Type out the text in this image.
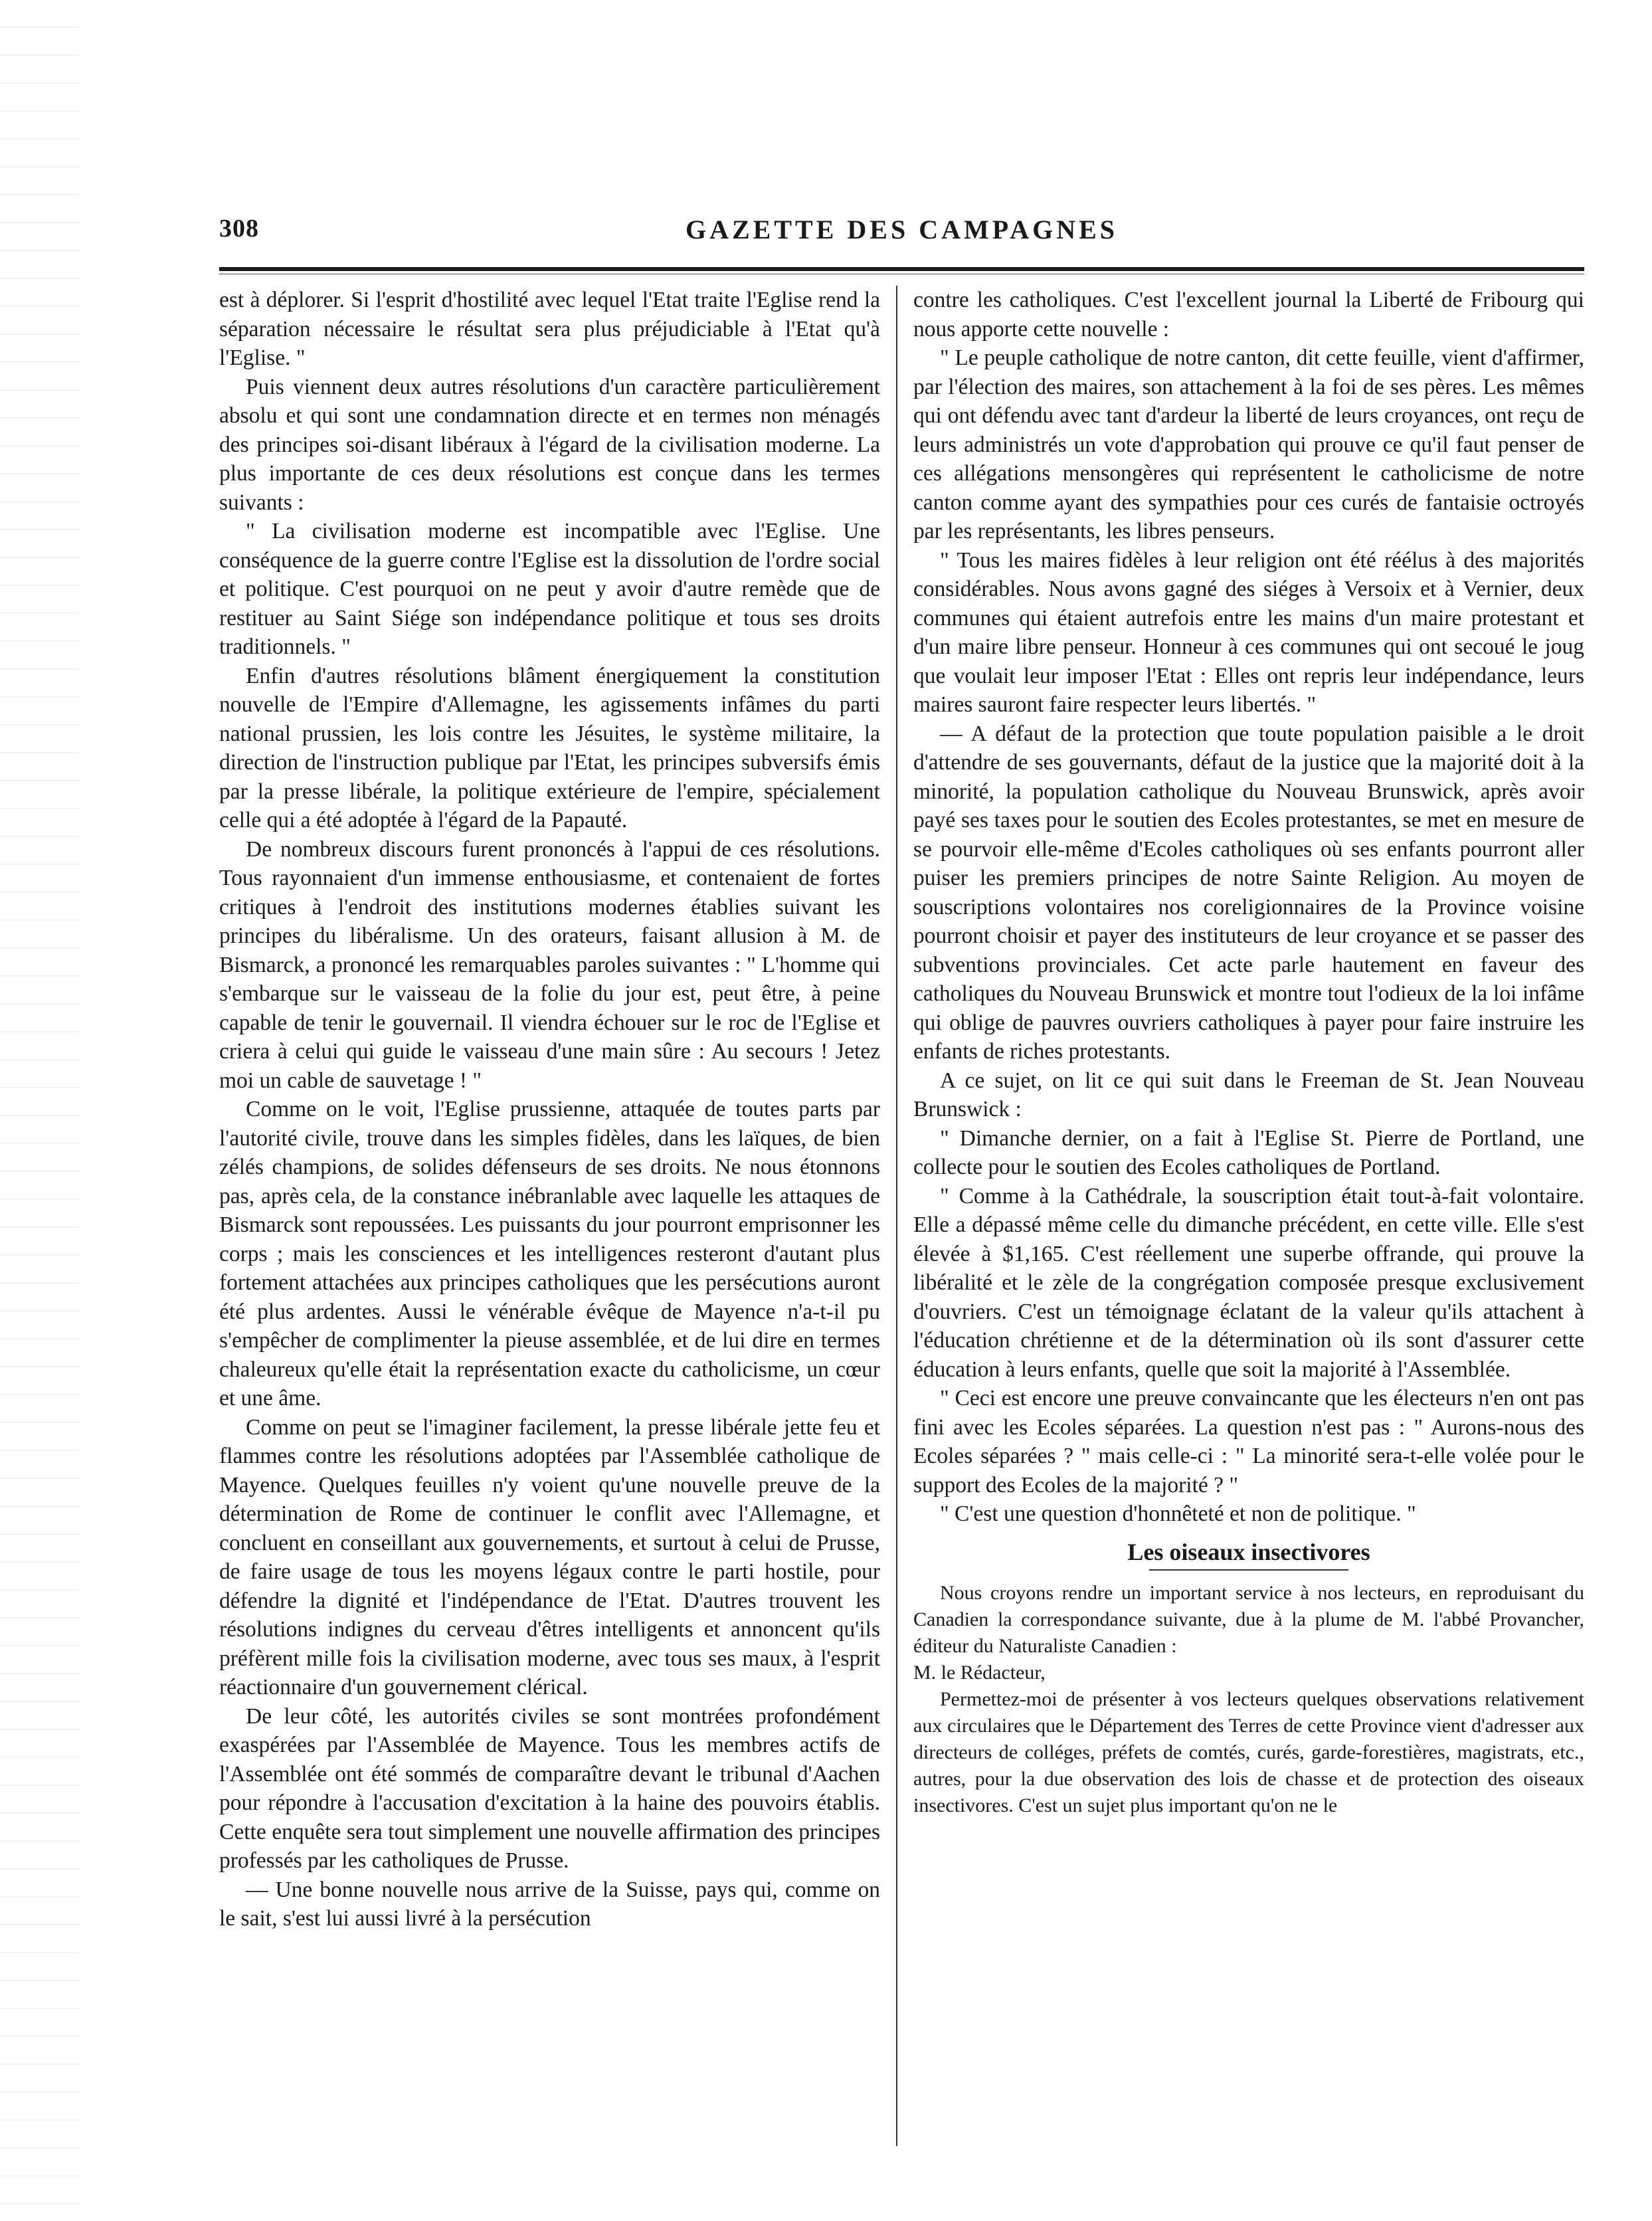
308	GAZETTE DES CAMPAGNES

est à déplorer. Si l'esprit d'hostilité avec lequel l'Etat traite l'Eglise rend la séparation nécessaire le résultat sera plus préjudiciable à l'Etat qu'à l'Eglise. "

Puis viennent deux autres résolutions d'un caractère particulièrement absolu et qui sont une condamnation directe et en termes non ménagés des principes soi-disant libéraux à l'égard de la civilisation moderne. La plus importante de ces deux résolutions est conçue dans les termes suivants :

" La civilisation moderne est incompatible avec l'Eglise. Une conséquence de la guerre contre l'Eglise est la dissolution de l'ordre social et politique. C'est pourquoi on ne peut y avoir d'autre remède que de restituer au Saint Siége son indépendance politique et tous ses droits traditionnels. "

Enfin d'autres résolutions blâment énergiquement la constitution nouvelle de l'Empire d'Allemagne, les agissements infâmes du parti national prussien, les lois contre les Jésuites, le système militaire, la direction de l'instruction publique par l'Etat, les principes subversifs émis par la presse libérale, la politique extérieure de l'empire, spécialement celle qui a été adoptée à l'égard de la Papauté.

De nombreux discours furent prononcés à l'appui de ces résolutions. Tous rayonnaient d'un immense enthousiasme, et contenaient de fortes critiques à l'endroit des institutions modernes établies suivant les principes du libéralisme. Un des orateurs, faisant allusion à M. de Bismarck, a prononcé les remarquables paroles suivantes : " L'homme qui s'embarque sur le vaisseau de la folie du jour est, peut être, à peine capable de tenir le gouvernail. Il viendra échouer sur le roc de l'Eglise et criera à celui qui guide le vaisseau d'une main sûre : Au secours ! Jetez moi un cable de sauvetage ! "

Comme on le voit, l'Eglise prussienne, attaquée de toutes parts par l'autorité civile, trouve dans les simples fidèles, dans les laïques, de bien zélés champions, de solides défenseurs de ses droits. Ne nous étonnons pas, après cela, de la constance inébranlable avec laquelle les attaques de Bismarck sont repoussées. Les puissants du jour pourront emprisonner les corps ; mais les consciences et les intelligences resteront d'autant plus fortement attachées aux principes catholiques que les persécutions auront été plus ardentes. Aussi le vénérable évêque de Mayence n'a-t-il pu s'empêcher de complimenter la pieuse assemblée, et de lui dire en termes chaleureux qu'elle était la représentation exacte du catholicisme, un cœur et une âme.

Comme on peut se l'imaginer facilement, la presse libérale jette feu et flammes contre les résolutions adoptées par l'Assemblée catholique de Mayence. Quelques feuilles n'y voient qu'une nouvelle preuve de la détermination de Rome de continuer le conflit avec l'Allemagne, et concluent en conseillant aux gouvernements, et surtout à celui de Prusse, de faire usage de tous les moyens légaux contre le parti hostile, pour défendre la dignité et l'indépendance de l'Etat. D'autres trouvent les résolutions indignes du cerveau d'êtres intelligents et annoncent qu'ils préfèrent mille fois la civilisation moderne, avec tous ses maux, à l'esprit réactionnaire d'un gouvernement clérical.

De leur côté, les autorités civiles se sont montrées profondément exaspérées par l'Assemblée de Mayence. Tous les membres actifs de l'Assemblée ont été sommés de comparaître devant le tribunal d'Aachen pour répondre à l'accusation d'excitation à la haine des pouvoirs établis. Cette enquête sera tout simplement une nouvelle affirmation des principes professés par les catholiques de Prusse.

— Une bonne nouvelle nous arrive de la Suisse, pays qui, comme on le sait, s'est lui aussi livré à la persécution

contre les catholiques. C'est l'excellent journal la Liberté de Fribourg qui nous apporte cette nouvelle :

" Le peuple catholique de notre canton, dit cette feuille, vient d'affirmer, par l'élection des maires, son attachement à la foi de ses pères. Les mêmes qui ont défendu avec tant d'ardeur la liberté de leurs croyances, ont reçu de leurs administrés un vote d'approbation qui prouve ce qu'il faut penser de ces allégations mensongères qui représentent le catholicisme de notre canton comme ayant des sympathies pour ces curés de fantaisie octroyés par les représentants, les libres penseurs.

" Tous les maires fidèles à leur religion ont été réélus à des majorités considérables. Nous avons gagné des siéges à Versoix et à Vernier, deux communes qui étaient autrefois entre les mains d'un maire protestant et d'un maire libre penseur. Honneur à ces communes qui ont secoué le joug que voulait leur imposer l'Etat : Elles ont repris leur indépendance, leurs maires sauront faire respecter leurs libertés. "

— A défaut de la protection que toute population paisible a le droit d'attendre de ses gouvernants, défaut de la justice que la majorité doit à la minorité, la population catholique du Nouveau Brunswick, après avoir payé ses taxes pour le soutien des Ecoles protestantes, se met en mesure de se pourvoir elle-même d'Ecoles catholiques où ses enfants pourront aller puiser les premiers principes de notre Sainte Religion. Au moyen de souscriptions volontaires nos coreligionnaires de la Province voisine pourront choisir et payer des instituteurs de leur croyance et se passer des subventions provinciales. Cet acte parle hautement en faveur des catholiques du Nouveau Brunswick et montre tout l'odieux de la loi infâme qui oblige de pauvres ouvriers catholiques à payer pour faire instruire les enfants de riches protestants.

A ce sujet, on lit ce qui suit dans le Freeman de St. Jean Nouveau Brunswick :

" Dimanche dernier, on a fait à l'Eglise St. Pierre de Portland, une collecte pour le soutien des Ecoles catholiques de Portland.

" Comme à la Cathédrale, la souscription était tout-à-fait volontaire. Elle a dépassé même celle du dimanche précédent, en cette ville. Elle s'est élevée à $1,165. C'est réellement une superbe offrande, qui prouve la libéralité et le zèle de la congrégation composée presque exclusivement d'ouvriers. C'est un témoignage éclatant de la valeur qu'ils attachent à l'éducation chrétienne et de la détermination où ils sont d'assurer cette éducation à leurs enfants, quelle que soit la majorité à l'Assemblée.

" Ceci est encore une preuve convaincante que les électeurs n'en ont pas fini avec les Ecoles séparées. La question n'est pas : " Aurons-nous des Ecoles séparées ? " mais celle-ci : " La minorité sera-t-elle volée pour le support des Ecoles de la majorité ? "

" C'est une question d'honnêteté et non de politique. "

Les oiseaux insectivores

Nous croyons rendre un important service à nos lecteurs, en reproduisant du Canadien la correspondance suivante, due à la plume de M. l'abbé Provancher, éditeur du Naturaliste Canadien :

M. le Rédacteur,

Permettez-moi de présenter à vos lecteurs quelques observations relativement aux circulaires que le Département des Terres de cette Province vient d'adresser aux directeurs de colléges, préfets de comtés, curés, garde-forestières, magistrats, etc., autres, pour la due observation des lois de chasse et de protection des oiseaux insectivores. C'est un sujet plus important qu'on ne le
